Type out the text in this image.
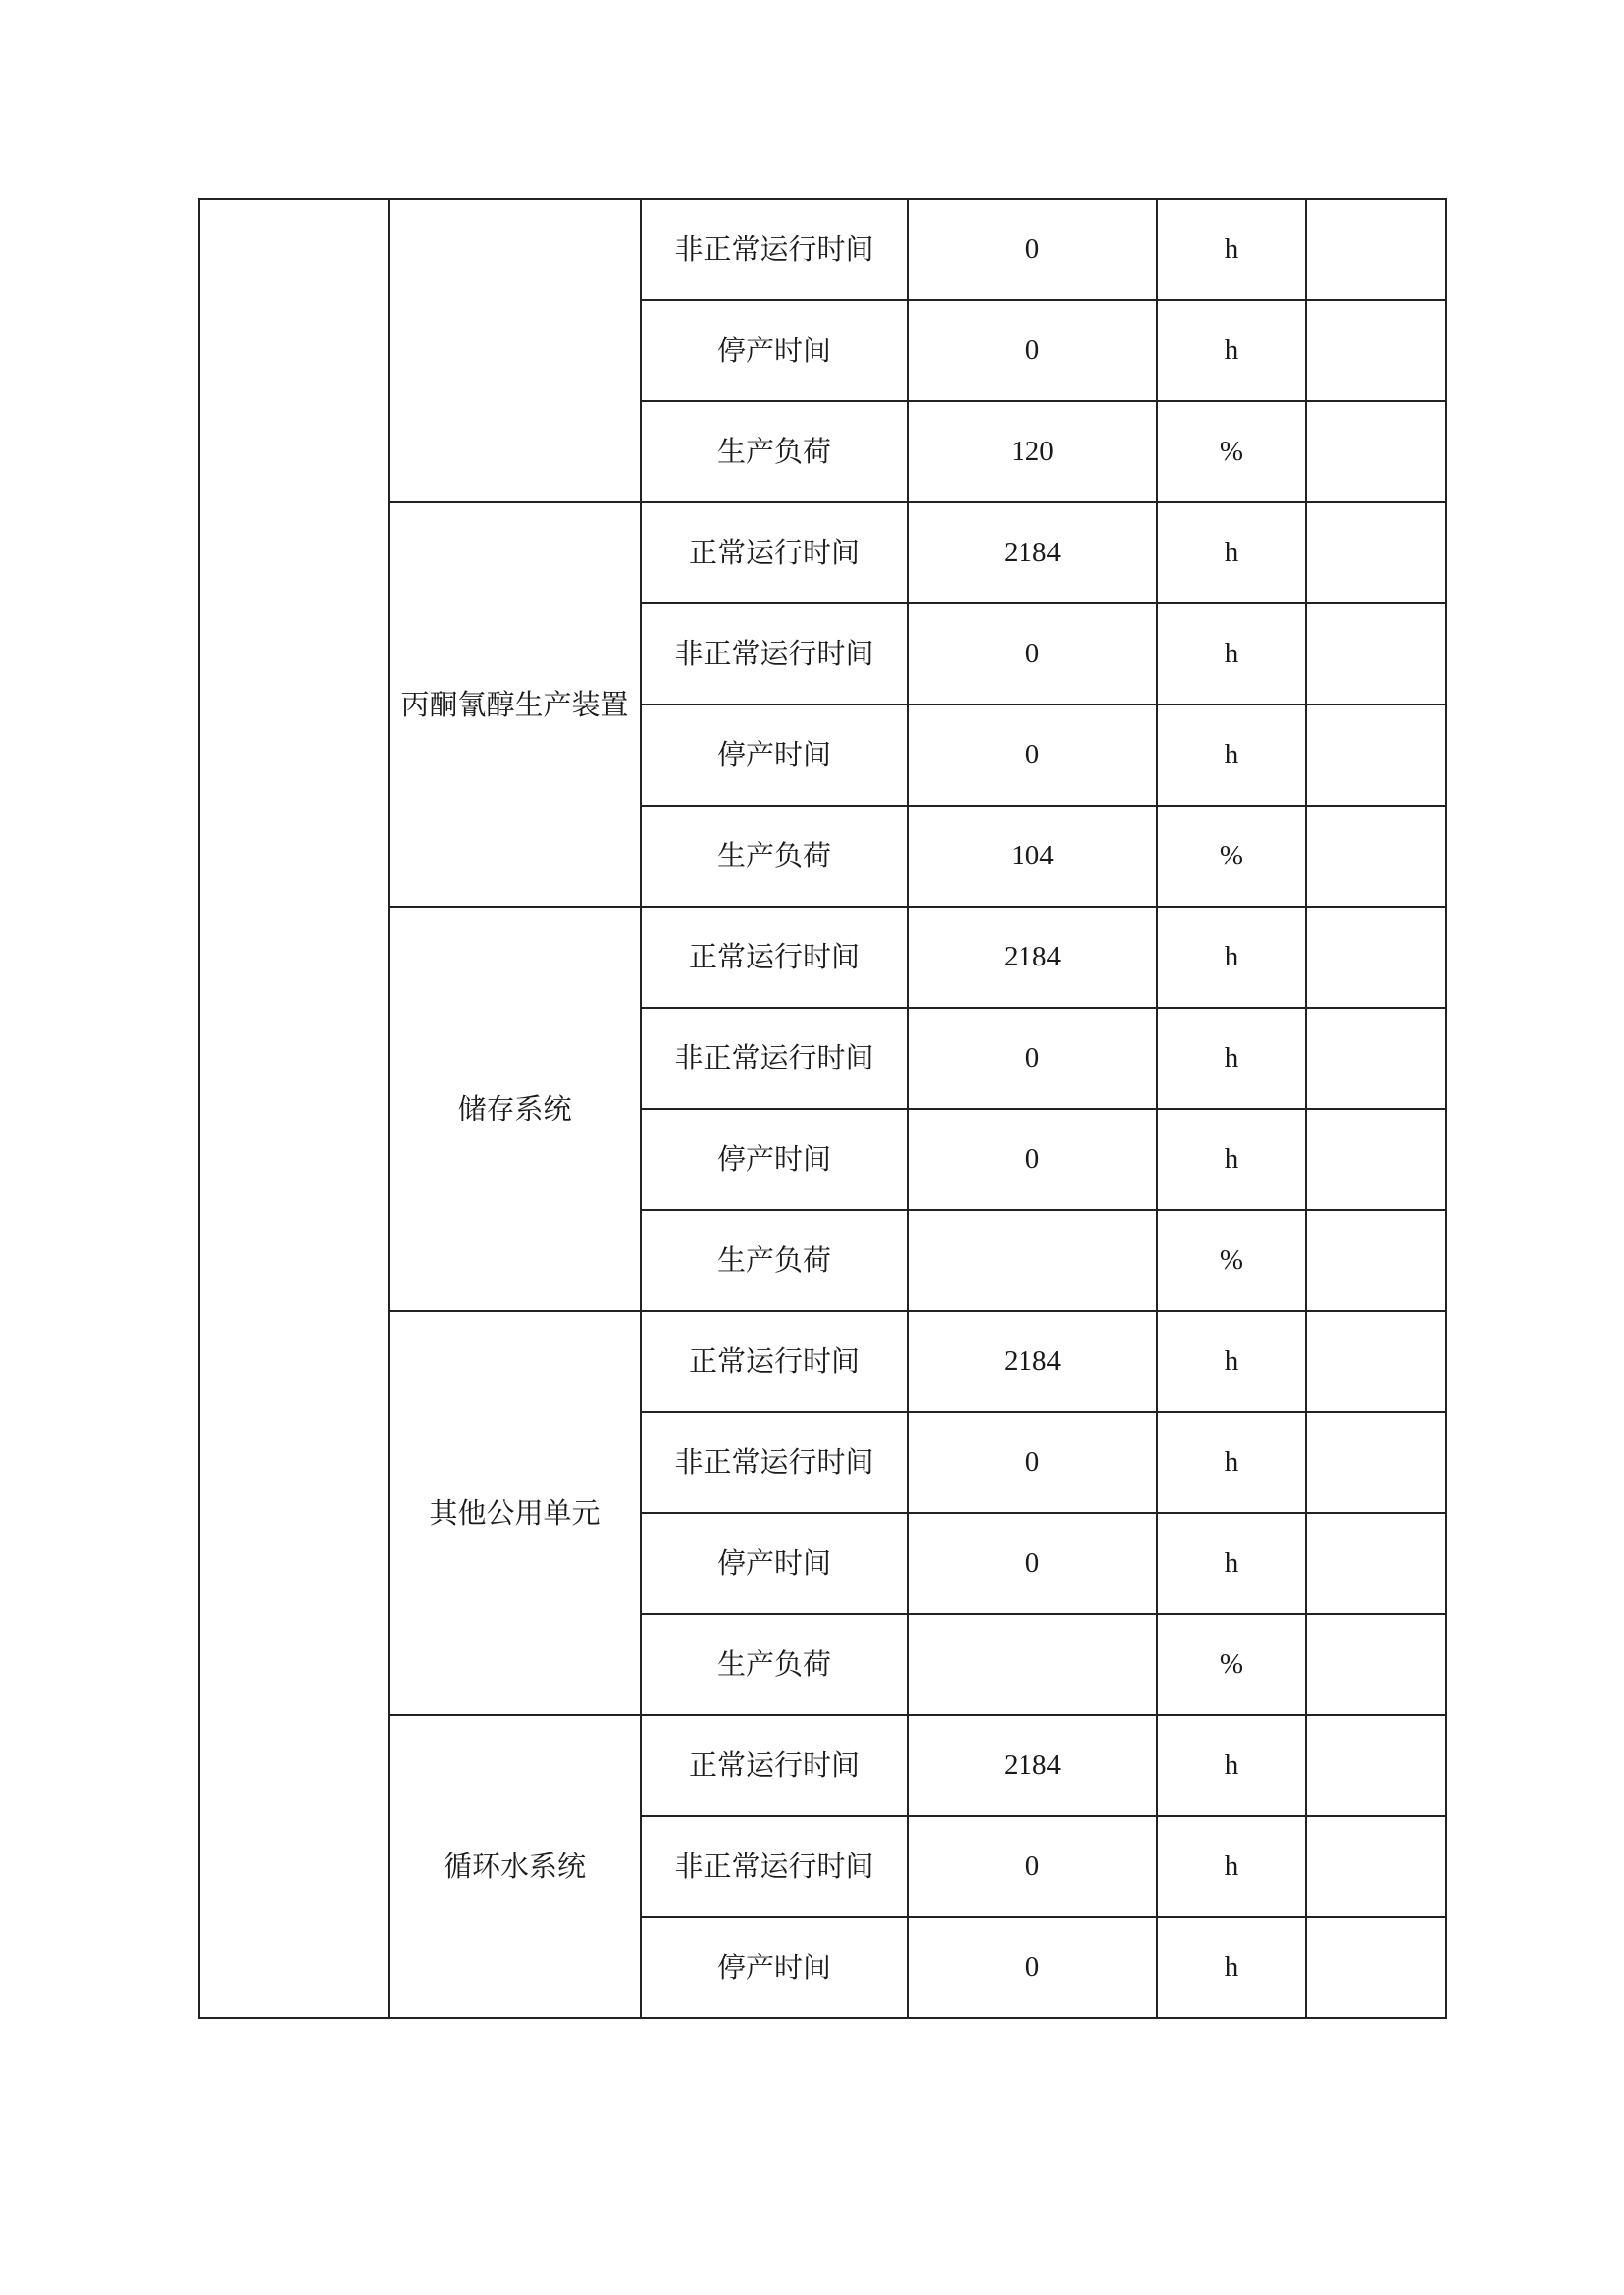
		非正常运行时间	0	h	
		停产时间	0	h	
		生产负荷	120	%	
	丙酮氰醇生产装置	正常运行时间	2184	h	
		非正常运行时间	0	h	
		停产时间	0	h	
		生产负荷	104	%	
	储存系统	正常运行时间	2184	h	
		非正常运行时间	0	h	
		停产时间	0	h	
		生产负荷		%	
	其他公用单元	正常运行时间	2184	h	
		非正常运行时间	0	h	
		停产时间	0	h	
		生产负荷		%	
	循环水系统	正常运行时间	2184	h	
		非正常运行时间	0	h	
		停产时间	0	h	
